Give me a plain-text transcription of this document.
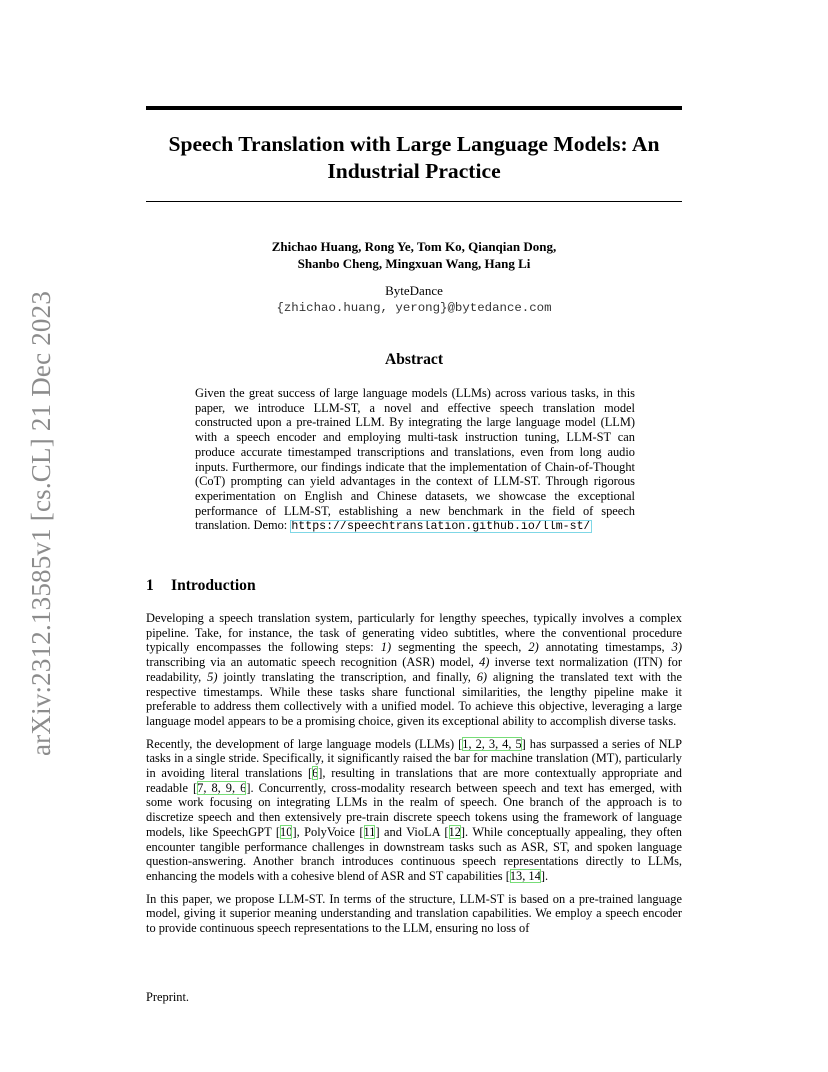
arXiv:2312.13585v1 [cs.CL] 21 Dec 2023
Speech Translation with Large Language Models: An Industrial Practice
Zhichao Huang, Rong Ye, Tom Ko, Qianqian Dong,
Shanbo Cheng, Mingxuan Wang, Hang Li
ByteDance
{zhichao.huang, yerong}@bytedance.com
Abstract
Given the great success of large language models (LLMs) across various tasks, in this paper, we introduce LLM-ST, a novel and effective speech translation model constructed upon a pre-trained LLM. By integrating the large language model (LLM) with a speech encoder and employing multi-task instruction tuning, LLM-ST can produce accurate timestamped transcriptions and translations, even from long audio inputs. Furthermore, our findings indicate that the implementation of Chain-of-Thought (CoT) prompting can yield advantages in the context of LLM-ST. Through rigorous experimentation on English and Chinese datasets, we showcase the exceptional performance of LLM-ST, establishing a new benchmark in the field of speech translation. Demo: https://speechtranslation.github.io/llm-st/
1 Introduction

Developing a speech translation system, particularly for lengthy speeches, typically involves a complex pipeline. Take, for instance, the task of generating video subtitles, where the conventional procedure typically encompasses the following steps: 1) segmenting the speech, 2) annotating timestamps, 3) transcribing via an automatic speech recognition (ASR) model, 4) inverse text normalization (ITN) for readability, 5) jointly translating the transcription, and finally, 6) aligning the translated text with the respective timestamps. While these tasks share functional similarities, the lengthy pipeline make it preferable to address them collectively with a unified model. To achieve this objective, leveraging a large language model appears to be a promising choice, given its exceptional ability to accomplish diverse tasks.

Recently, the development of large language models (LLMs) [1, 2, 3, 4, 5] has surpassed a series of NLP tasks in a single stride. Specifically, it significantly raised the bar for machine translation (MT), particularly in avoiding literal translations [6], resulting in translations that are more contextually appropriate and readable [7, 8, 9, 6]. Concurrently, cross-modality research between speech and text has emerged, with some work focusing on integrating LLMs in the realm of speech. One branch of the approach is to discretize speech and then extensively pre-train discrete speech tokens using the framework of language models, like SpeechGPT [10], PolyVoice [11] and VioLA [12]. While conceptually appealing, they often encounter tangible performance challenges in downstream tasks such as ASR, ST, and spoken language question-answering. Another branch introduces continuous speech representations directly to LLMs, enhancing the models with a cohesive blend of ASR and ST capabilities [13, 14].

In this paper, we propose LLM-ST. In terms of the structure, LLM-ST is based on a pre-trained language model, giving it superior meaning understanding and translation capabilities. We employ a speech encoder to provide continuous speech representations to the LLM, ensuring no loss of

Preprint.
